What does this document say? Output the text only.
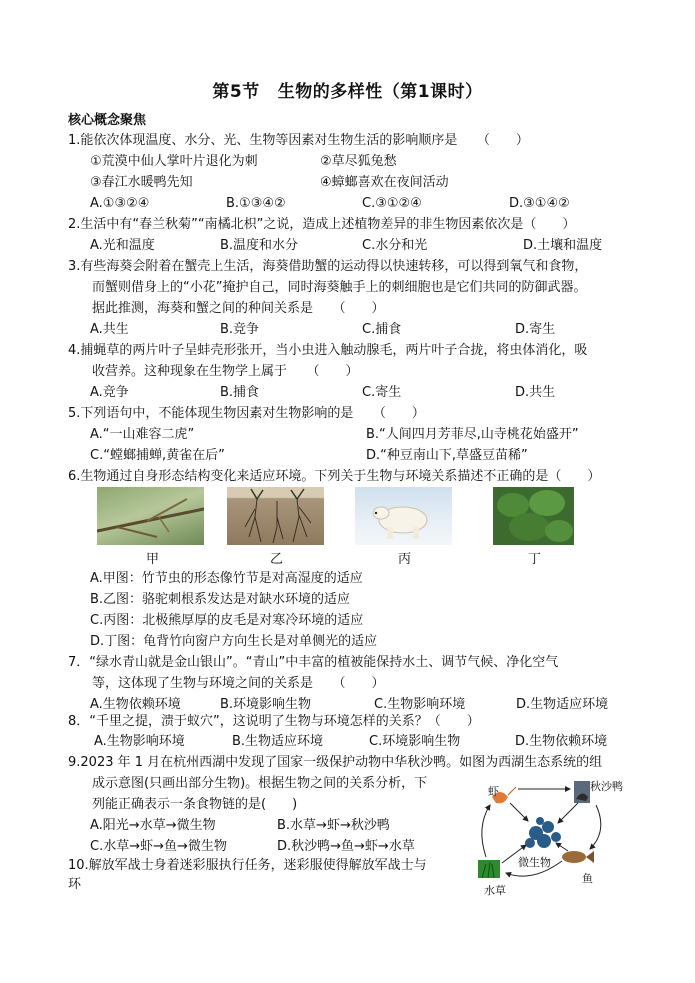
第5节 生物的多样性（第1课时）
核心概念聚焦
1.能依次体现温度、水分、光、生物等因素对生物生活的影响顺序是　　（　　）
①荒漠中仙人掌叶片退化为刺	②草尽狐兔愁
③春江水暖鸭先知	④蟑螂喜欢在夜间活动
A.①③②④	B.①③④②	C.③①②④	D.③①④②
2.生活中有“春兰秋菊”“南橘北枳”之说，造成上述植物差异的非生物因素依次是（　　）
A.光和温度	B.温度和水分	C.水分和光	D.土壤和温度
3.有些海葵会附着在蟹壳上生活，海葵借助蟹的运动得以快速转移，可以得到氧气和食物，
而蟹则借身上的“小花”掩护自己，同时海葵触手上的刺细胞也是它们共同的防御武器。
据此推测，海葵和蟹之间的种间关系是　　（　　）
A.共生	B.竞争	C.捕食	D.寄生
4.捕蝇草的两片叶子呈蚌壳形张开，当小虫进入触动腺毛，两片叶子合拢，将虫体消化，吸
收营养。这种现象在生物学上属于　　（　　）
A.竞争	B.捕食	C.寄生	D.共生
5.下列语句中，不能体现生物因素对生物影响的是　　（　　）
A.“一山难容二虎”	B.“人间四月芳菲尽,山寺桃花始盛开”
C.“螳螂捕蝉,黄雀在后”	D.“种豆南山下,草盛豆苗稀”
6.生物通过自身形态结构变化来适应环境。下列关于生物与环境关系描述不正确的是（　　）
甲	乙	丙	丁
A.甲图：竹节虫的形态像竹节是对高湿度的适应
B.乙图：骆驼刺根系发达是对缺水环境的适应
C.丙图：北极熊厚厚的皮毛是对寒冷环境的适应
D.丁图：龟背竹向窗户方向生长是对单侧光的适应
7．“绿水青山就是金山银山”。“青山”中丰富的植被能保持水土、调节气候、净化空气
等，这体现了生物与环境之间的关系是　　（　　）
A.生物依赖环境	B.环境影响生物	C.生物影响环境	D.生物适应环境
8．“千里之提，溃于蚁穴”，这说明了生物与环境怎样的关系？（　　）
A.生物影响环境	B.生物适应环境	C.环境影响生物	D.生物依赖环境
9.2023 年 1 月在杭州西湖中发现了国家一级保护动物中华秋沙鸭。如图为西湖生态系统的组
成示意图(只画出部分生物)。根据生物之间的关系分析，下
列能正确表示一条食物链的是(　　)
A.阳光→水草→微生物	B.水草→虾→秋沙鸭
C.水草→虾→鱼→微生物	D.秋沙鸭→鱼→虾→水草
虾	秋沙鸭
微生物
鱼
水草
10.解放军战士身着迷彩服执行任务，迷彩服使得解放军战士与
环
